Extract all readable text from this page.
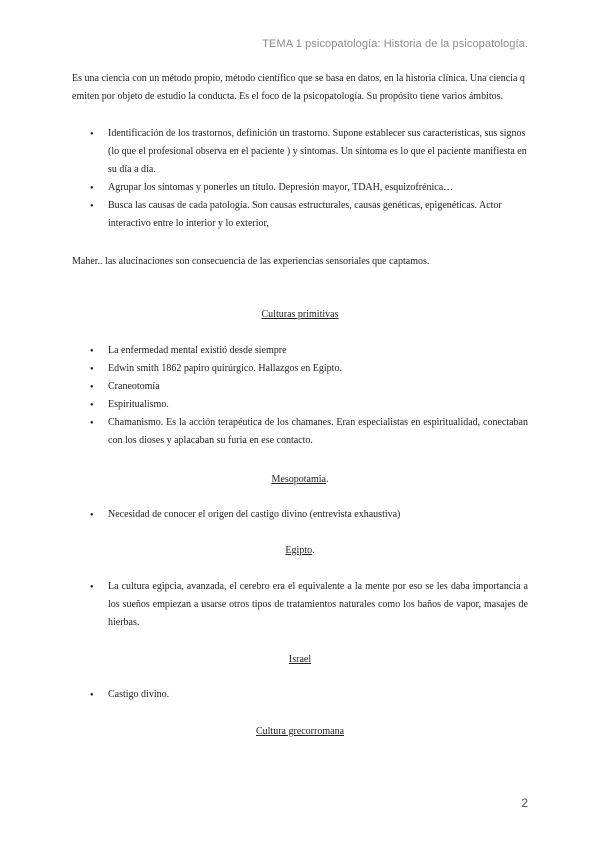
TEMA 1 psicopatología: Historia de la psicopatología.
Es una ciencia con un método propio, método científico que se basa en datos, en la historia clínica. Una ciencia q emiten por objeto de estudio la conducta. Es el foco de la psicopatología. Su propósito tiene varios ámbitos.
● Identificación de los trastornos, definición un trastorno. Supone establecer sus características, sus signos (lo que el profesional observa en el paciente ) y síntomas. Un síntoma es lo que el paciente manifiesta en su día a día.
● Agrupar los síntomas y ponerles un título. Depresión mayor, TDAH, esquizofrénica…
● Busca las causas de cada patología. Son causas estructurales, causas genéticas, epigenéticas. Actor interactivo entre lo interior y lo exterior,
Maher.. las alucinaciones son consecuencia de las experiencias sensoriales que captamos.
Culturas primitivas
● La enfermedad mental existió desde siempre
● Edwin smith 1862 papiro quirúrgico. Hallazgos en Egipto.
● Craneotomía
● Espiritualismo.
● Chamanismo. Es la acción terapéutica de los chamanes. Eran especialistas en espiritualidad, conectaban con los dioses y aplacaban su furia en ese contacto.
Mesopotamia.
● Necesidad de conocer el origen del castigo divino (entrevista exhaustiva)
Egipto.
● La cultura egipcia, avanzada, el cerebro era el equivalente a la mente por eso se les daba importancia a los sueños empiezan a usarse otros tipos de tratamientos naturales como los baños de vapor, masajes de hierbas.
Israel
● Castigo divino.
Cultura grecorromana
2
